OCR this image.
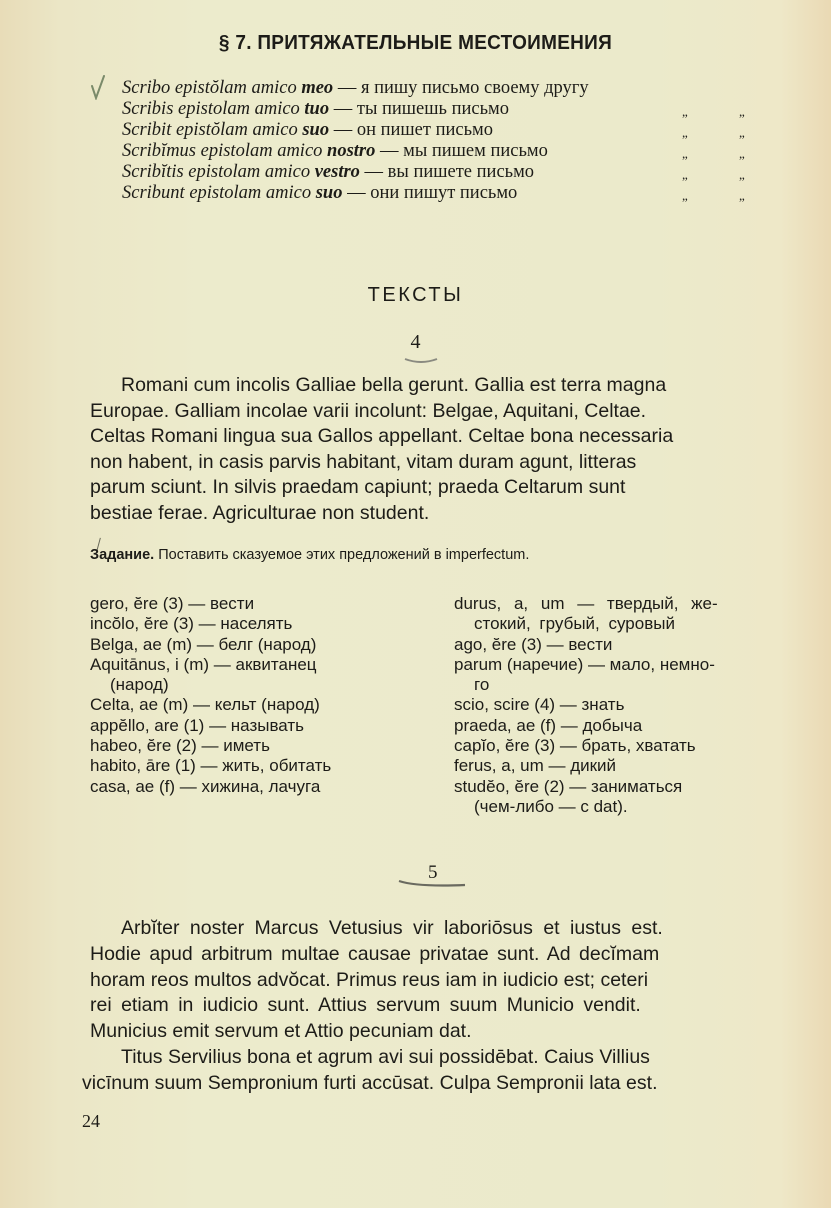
§ 7. ПРИТЯЖАТЕЛЬНЫЕ МЕСТОИМЕНИЯ
Scribo epistŏlam amico meo — я пишу письмо своему другу
Scribis epistolam amico tuo — ты пишешь письмо	„	„
Scribit epistŏlam amico suo — он пишет письмо	„	„
Scribĭmus epistolam amico nostro — мы пишем письмо	„	„
Scribĭtis epistolam amico vestro — вы пишете письмо	„	„
Scribunt epistolam amico suo — они пишут письмо	„	„
ТЕКСТЫ
4
Romani cum incolis Galliae bella gerunt. Gallia est terra magna
Europae. Galliam incolae varii incolunt: Belgae, Aquitani, Celtae.
Celtas Romani lingua sua Gallos appellant. Celtae bona necessaria
non habent, in casis parvis habitant, vitam duram agunt, litteras
parum sciunt. In silvis praedam capiunt; praeda Celtarum sunt
bestiae ferae. Agriculturae non student.
Задание. Поставить сказуемое этих предложений в imperfectum.
gero, ĕre (3) — вести
incŏlo, ĕre (3) — населять
Belga, ae (m) — белг (народ)
Aquitānus, i (m) — аквитанец
(народ)
Celta, ae (m) — кельт (народ)
appĕllo, are (1) — называть
habeo, ĕre (2) — иметь
habito, āre (1) — жить, обитать
casa, ae (f) — хижина, лачуга
durus, a, um — твердый, же-
стокий, грубый, суровый
ago, ĕre (3) — вести
parum (наречие) — мало, немно-
го
scio, scire (4) — знать
praeda, ae (f) — добыча
capĭo, ĕre (3) — брать, хватать
ferus, a, um — дикий
studĕo, ĕre (2) — заниматься
(чем-либо — с dat).
5
Arbĭter noster Marcus Vetusius vir laboriōsus et iustus est.
Hodie apud arbitrum multae causae privatae sunt. Ad decĭmam
horam reos multos advŏcat. Primus reus iam in iudicio est; ceteri
rei etiam in iudicio sunt. Attius servum suum Municio vendit.
Municius emit servum et Attio pecuniam dat.
Titus Servilius bona et agrum avi sui possidēbat. Caius Villius
vicīnum suum Sempronium furti accūsat. Culpa Sempronii lata est.
24
